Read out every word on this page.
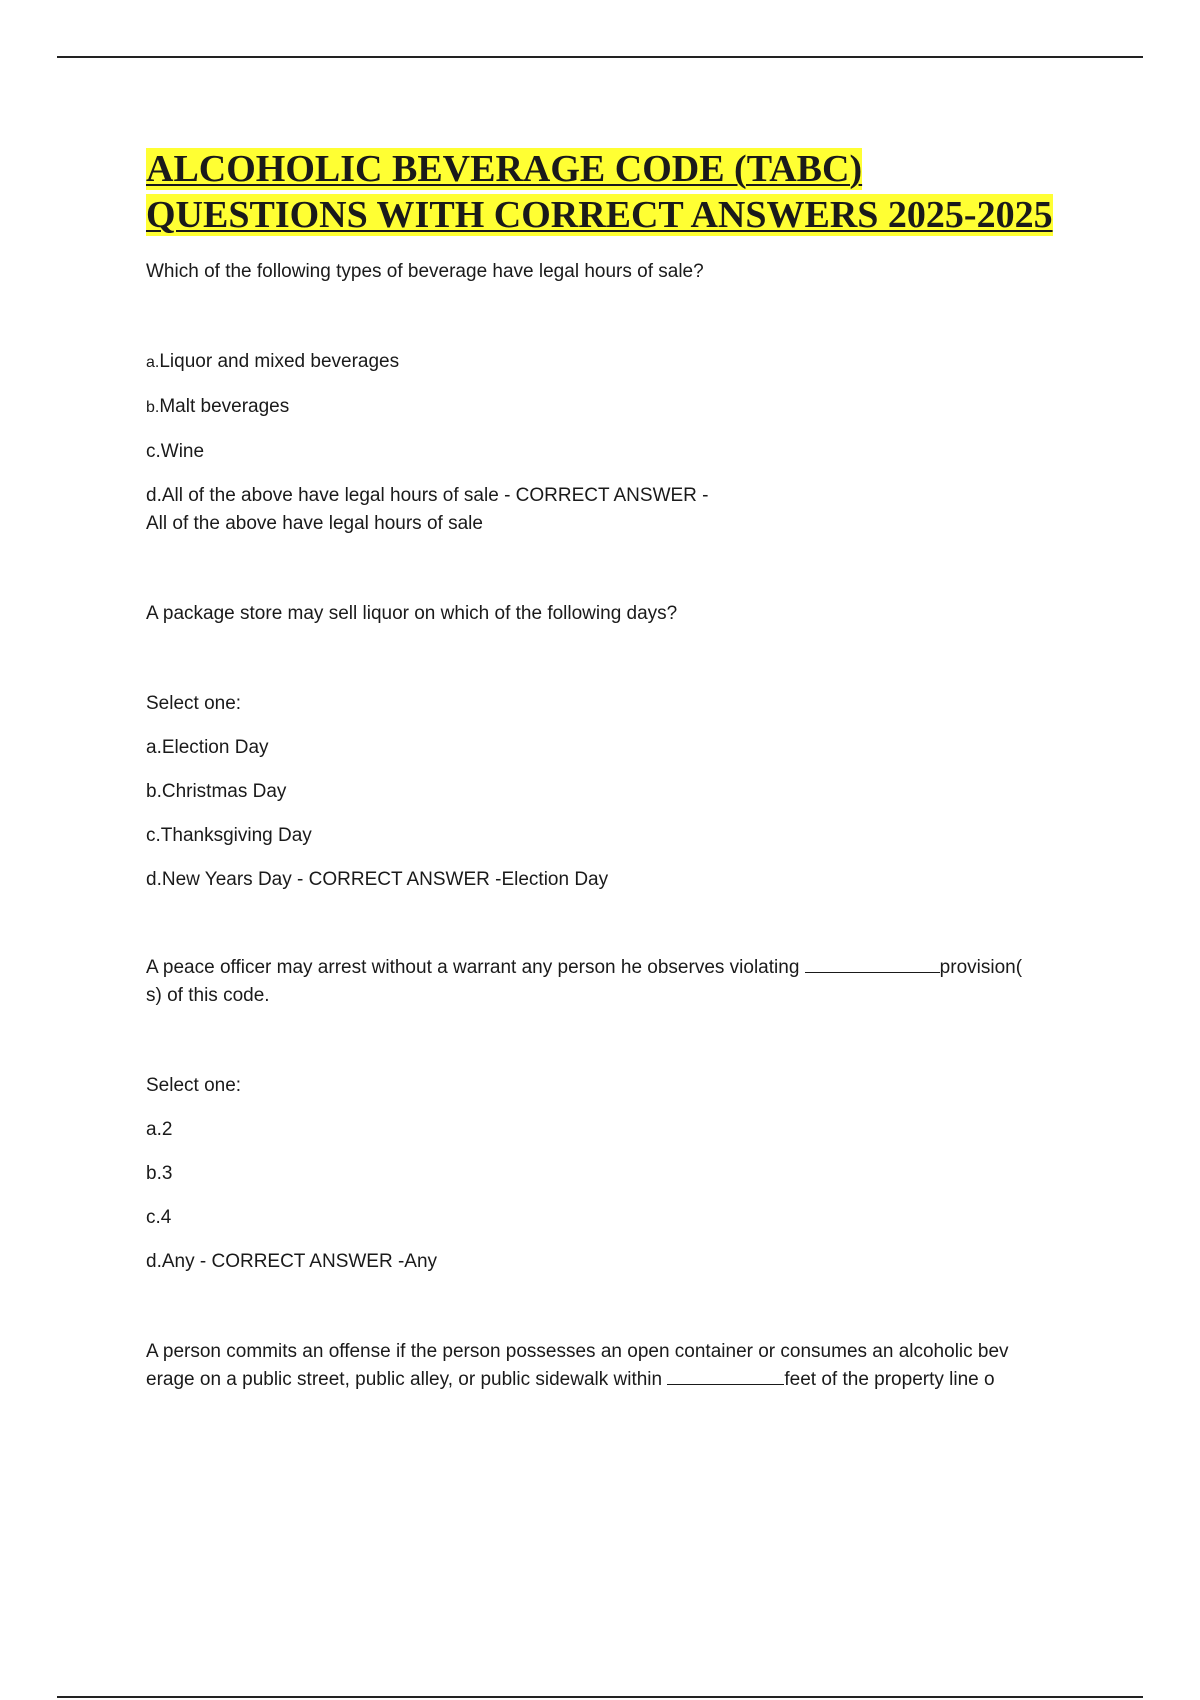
ALCOHOLIC BEVERAGE CODE (TABC)
QUESTIONS WITH CORRECT ANSWERS 2025-2025

Which of the following types of beverage have legal hours of sale?

a.Liquor and mixed beverages

b.Malt beverages

c.Wine

d.All of the above have legal hours of sale - CORRECT ANSWER -

All of the above have legal hours of sale

A package store may sell liquor on which of the following days?

Select one:

a.Election Day

b.Christmas Day

c.Thanksgiving Day

d.New Years Day - CORRECT ANSWER -Election Day

A peace officer may arrest without a warrant any person he observes violating	provision(

s) of this code.

Select one:

a.2

b.3

c.4

d.Any - CORRECT ANSWER -Any

A person commits an offense if the person possesses an open container or consumes an alcoholic bev

erage on a public street, public alley, or public sidewalk within	feet of the property line o
